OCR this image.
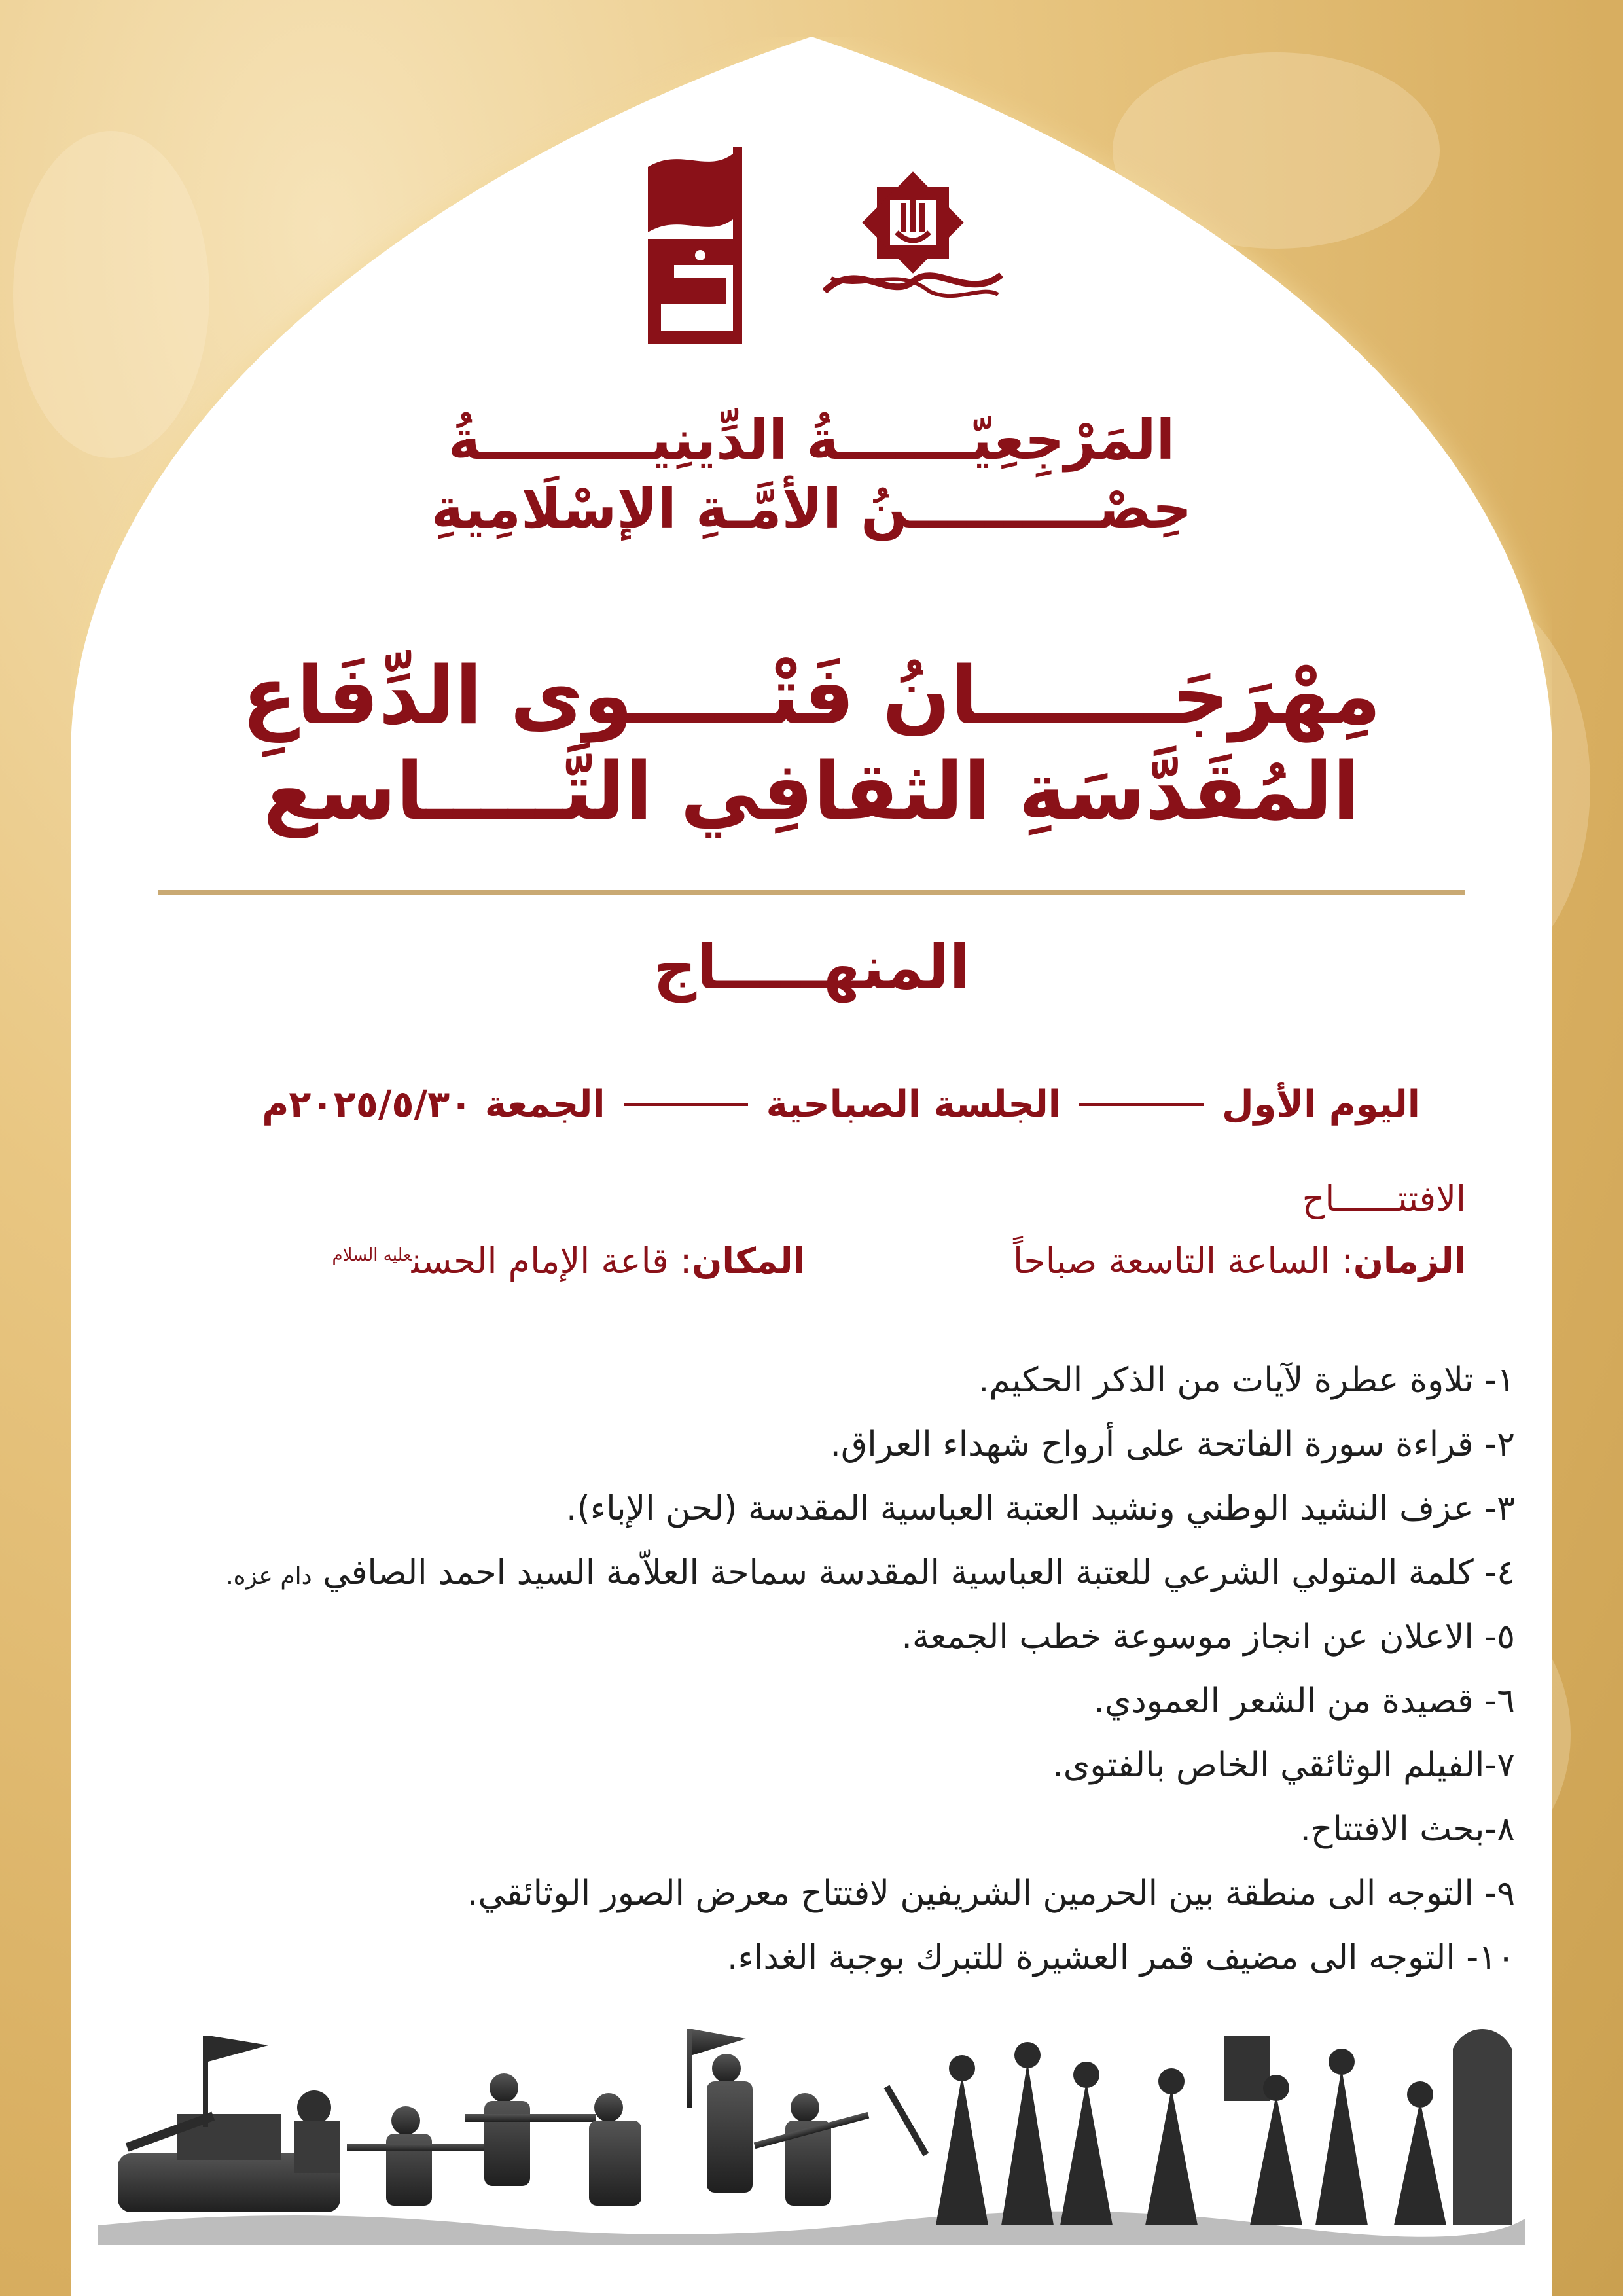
المَرْجِعِيّـــــــةُ الدِّينِيـــــــــةُ
حِصْــــــــــنُ الأمَّـةِ الإسْلَامِيةِ
مِهْرَجَـــــــانُ فَتْـــــوى الدِّفَاعِ
المُقَدَّسَةِ الثقافِي التَّـــــاسع
المنهـــــاج
اليوم الأول
الجلسة الصباحية
الجمعة ٢٠٢٥/٥/٣٠م
الافتتــــــاح
الزمان: الساعة التاسعة صباحاً
المكان: قاعة الإمام الحسن$^{عليه السلام}$
١- تلاوة عطرة لآيات من الذكر الحكيم.
٢- قراءة سورة الفاتحة على أرواح شهداء العراق.
٣- عزف النشيد الوطني ونشيد العتبة العباسية المقدسة (لحن الإباء).
٤- كلمة المتولي الشرعي للعتبة العباسية المقدسة سماحة العلاّمة السيد احمد الصافي دام عزه.
٥- الاعلان عن انجاز موسوعة خطب الجمعة.
٦- قصيدة من الشعر العمودي.
٧-الفيلم الوثائقي الخاص بالفتوى.
٨-بحث الافتتاح.
٩- التوجه الى منطقة بين الحرمين الشريفين لافتتاح معرض الصور الوثائقي.
١٠- التوجه الى مضيف قمر العشيرة للتبرك بوجبة الغداء.
